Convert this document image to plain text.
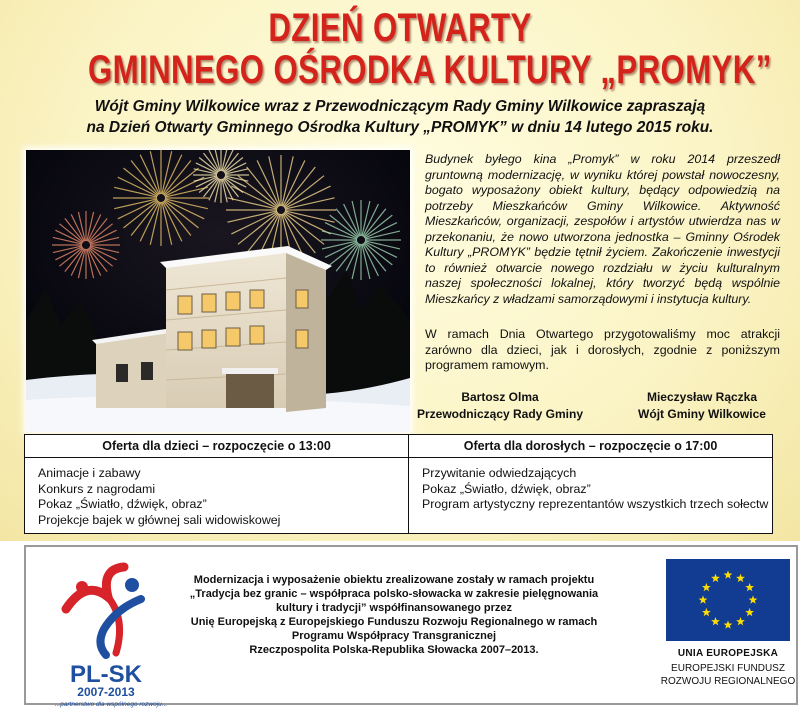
DZIEŃ OTWARTY
GMINNEGO OŚRODKA KULTURY „PROMYK”
Wójt Gminy Wilkowice wraz z Przewodniczącym Rady Gminy Wilkowice zapraszają
na Dzień Otwarty Gminnego Ośrodka Kultury „PROMYK” w dniu 14 lutego 2015 roku.
Budynek byłego kina „Promyk” w roku 2014 przeszedł gruntowną modernizację, w wyniku której powstał nowoczesny, bogato wyposażony obiekt kultury, będący odpowiedzią na potrzeby Mieszkańców Gminy Wilkowice. Aktywność Mieszkańców, organizacji, zespołów i artystów utwierdza nas w przekonaniu, że nowo utworzona jednostka – Gminny Ośrodek Kultury „PROMYK” będzie tętnił życiem. Zakończenie inwestycji to również otwarcie nowego rozdziału w życiu kulturalnym naszej społeczności lokalnej, który tworzyć będą wspólnie Mieszkańcy z władzami samorządowymi i instytucja kultury.
W ramach Dnia Otwartego przygotowaliśmy moc atrakcji zarówno dla dzieci, jak i dorosłych, zgodnie z poniższym programem ramowym.
Bartosz Olma
Przewodniczący Rady Gminy
Mieczysław Rączka
Wójt Gminy Wilkowice
Oferta dla dzieci – rozpoczęcie o 13:00
Animacje i zabawy
Konkurs z nagrodami
Pokaz „Światło, dźwięk, obraz”
Projekcje bajek w głównej sali widowiskowej
Oferta dla dorosłych – rozpoczęcie o 17:00
Przywitanie odwiedzających
Pokaz „Światło, dźwięk, obraz”
Program artystyczny reprezentantów wszystkich trzech sołectw
PL-SK
2007-2013
...partnerstwo dla wspólnego rozwoju...
Modernizacja i wyposażenie obiektu zrealizowane zostały w ramach projektu
„Tradycja bez granic – współpraca polsko-słowacka w zakresie pielęgnowania
kultury i tradycji” współfinansowanego przez
Unię Europejską z Europejskiego Funduszu Rozwoju Regionalnego w ramach
Programu Współpracy Transgranicznej
Rzeczpospolita Polska-Republika Słowacka 2007–2013.	UNIA EUROPEJSKA
EUROPEJSKI FUNDUSZ
ROZWOJU REGIONALNEGO
